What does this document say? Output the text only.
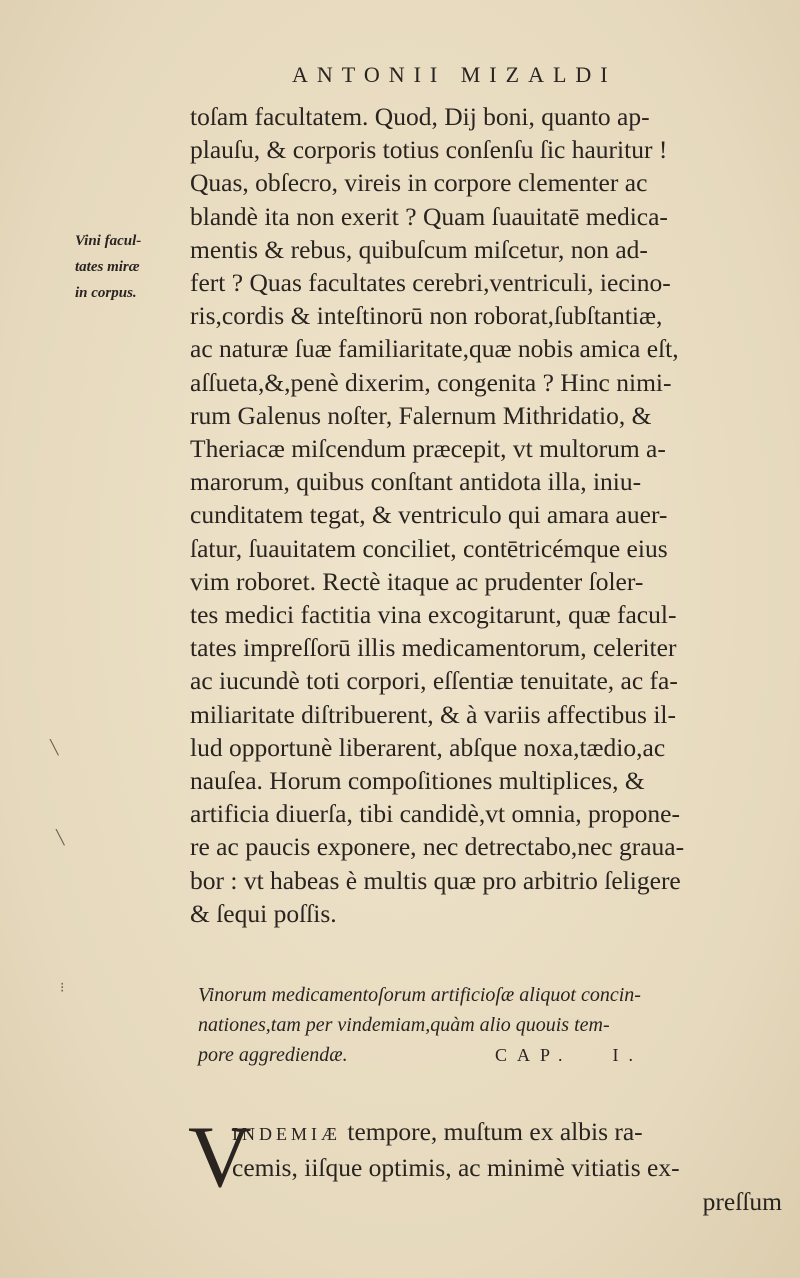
ANTONII MIZALDI
Vini facul-
tates miræ
in corpus.
toſam facultatem. Quod, Dij boni, quanto ap-
plauſu, & corporis totius conſenſu ſic hauritur !
Quas, obſecro, vireis in corpore clementer ac
blandè ita non exerit ? Quam ſuauitatē medica-
mentis & rebus, quibuſcum miſcetur, non ad-
fert ? Quas facultates cerebri,ventriculi, iecino-
ris,cordis & inteſtinorū non roborat,ſubſtantiæ,
ac naturæ ſuæ familiaritate,quæ nobis amica eſt,
aſſueta,&,penè dixerim, congenita ? Hinc nimi-
rum Galenus noſter, Falernum Mithridatio, &
Theriacæ miſcendum præcepit, vt multorum a-
marorum, quibus conſtant antidota illa, iniu-
cunditatem tegat, & ventriculo qui amara auer-
ſatur, ſuauitatem conciliet, contētricémque eius
vim roboret. Rectè itaque ac prudenter ſoler-
tes medici factitia vina excogitarunt, quæ facul-
tates impreſſorū illis medicamentorum, celeriter
ac iucundè toti corpori, eſſentiæ tenuitate, ac fa-
miliaritate diſtribuerent, & à variis affectibus il-
lud opportunè liberarent, abſque noxa,tædio,ac
nauſea. Horum compoſitiones multiplices, &
artificia diuerſa, tibi candidè,vt omnia, propone-
re ac paucis exponere, nec detrectabo,nec graua-
bor : vt habeas è multis quæ pro arbitrio ſeligere
& ſequi poſſis.
Vinorum medicamentoſorum artificioſæ aliquot concin-
nationes,tam per vindemiam,quàm alio quouis tem-
pore aggrediendæ.	CAP. I.
V
INDEMIÆ tempore, muſtum ex albis ra-
cemis, iiſque optimis, ac minimè vitiatis ex-
preſſum
╲
╲
⁝
